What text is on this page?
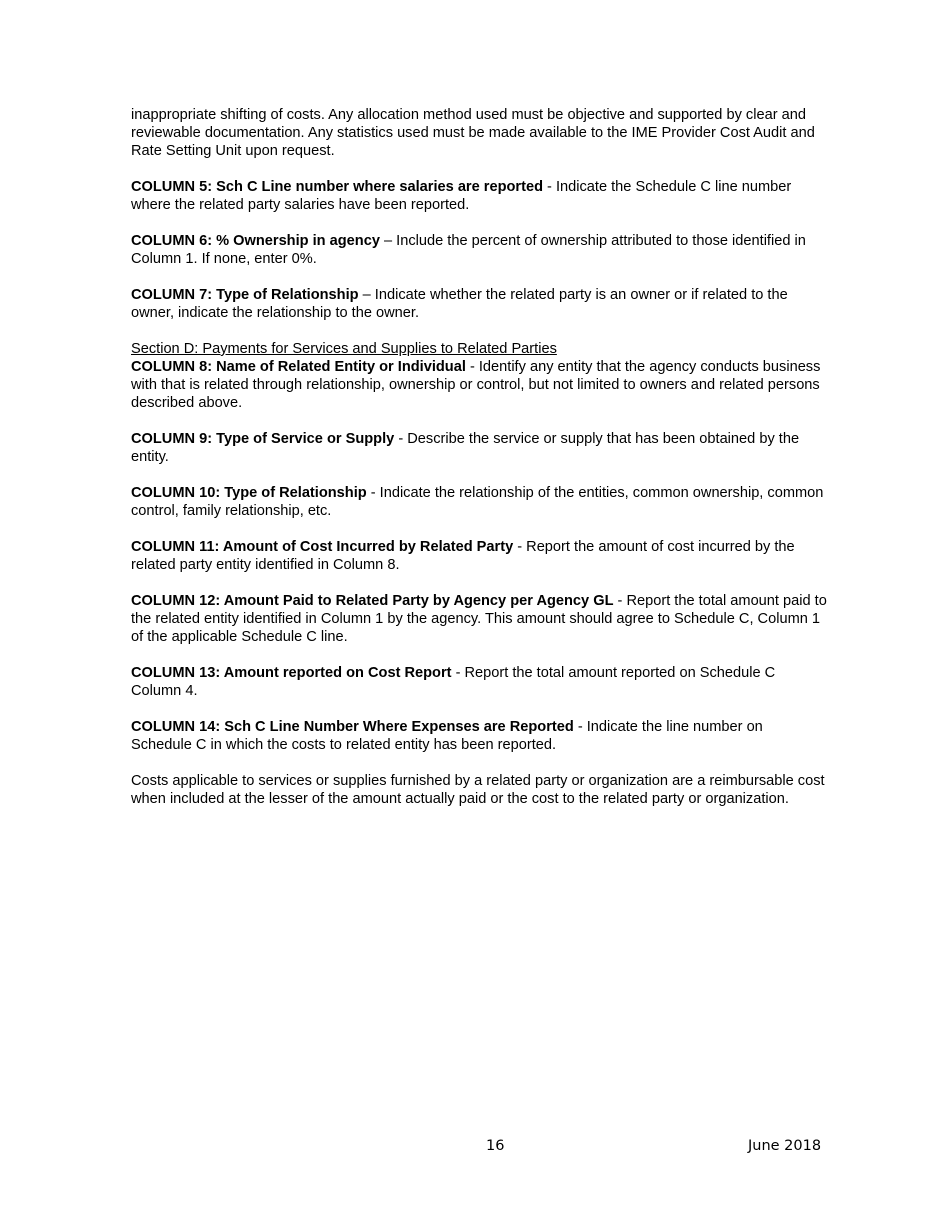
inappropriate shifting of costs. Any allocation method used must be objective and supported by clear and reviewable documentation. Any statistics used must be made available to the IME Provider Cost Audit and Rate Setting Unit upon request.

COLUMN 5: Sch C Line number where salaries are reported - Indicate the Schedule C line number where the related party salaries have been reported.

COLUMN 6: % Ownership in agency – Include the percent of ownership attributed to those identified in Column 1. If none, enter 0%.

COLUMN 7: Type of Relationship – Indicate whether the related party is an owner or if related to the owner, indicate the relationship to the owner.

Section D: Payments for Services and Supplies to Related Parties

COLUMN 8: Name of Related Entity or Individual - Identify any entity that the agency conducts business with that is related through relationship, ownership or control, but not limited to owners and related persons described above.

COLUMN 9: Type of Service or Supply - Describe the service or supply that has been obtained by the entity.

COLUMN 10: Type of Relationship - Indicate the relationship of the entities, common ownership, common control, family relationship, etc.

COLUMN 11: Amount of Cost Incurred by Related Party - Report the amount of cost incurred by the related party entity identified in Column 8.

COLUMN 12: Amount Paid to Related Party by Agency per Agency GL - Report the total amount paid to the related entity identified in Column 1 by the agency. This amount should agree to Schedule C, Column 1 of the applicable Schedule C line.

COLUMN 13: Amount reported on Cost Report - Report the total amount reported on Schedule C Column 4.

COLUMN 14: Sch C Line Number Where Expenses are Reported - Indicate the line number on Schedule C in which the costs to related entity has been reported.

Costs applicable to services or supplies furnished by a related party or organization are a reimbursable cost when included at the lesser of the amount actually paid or the cost to the related party or organization.

16	June 2018
